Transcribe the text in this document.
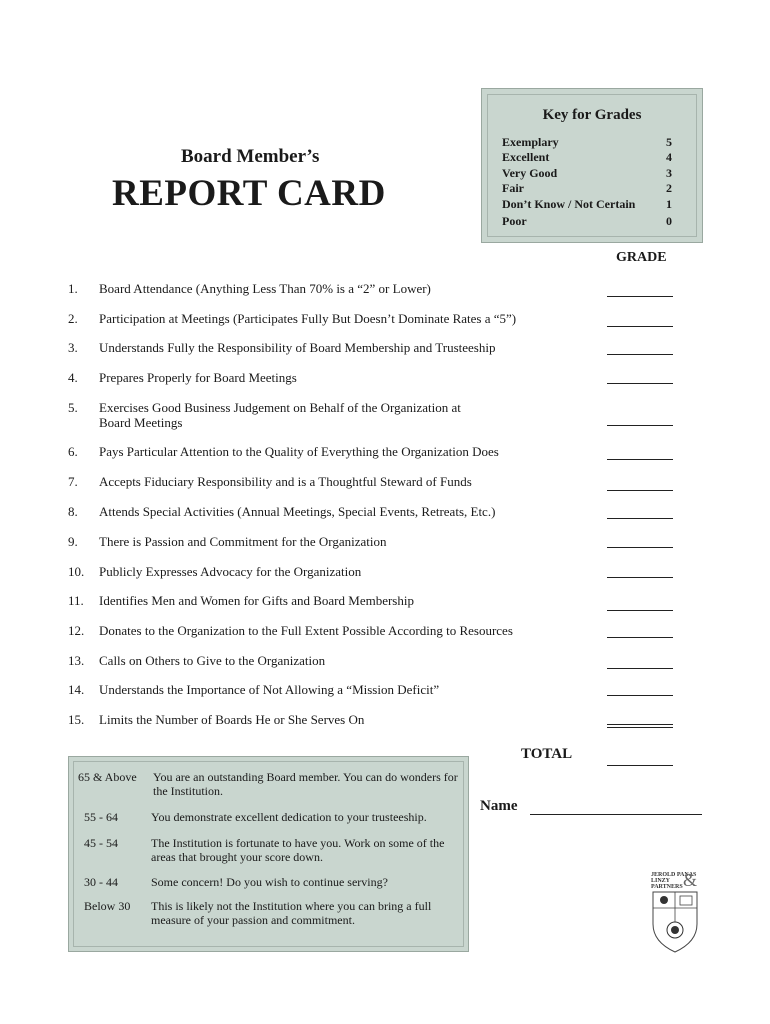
Key for Grades
Exemplary	5
Excellent	4
Very Good	3
Fair	2
Don’t Know / Not Certain	1
Poor	0
Board Member’s
REPORT CARD
GRADE
1.	Board Attendance (Anything Less Than 70% is a “2” or Lower)
2.	Participation at Meetings (Participates Fully But Doesn’t Dominate Rates a “5”)
3.	Understands Fully the Responsibility of Board Membership and Trusteeship
4.	Prepares Properly for Board Meetings
5.	Exercises Good Business Judgement on Behalf of the Organization at Board Meetings
6.	Pays Particular Attention to the Quality of Everything the Organization Does
7.	Accepts Fiduciary Responsibility and is a Thoughtful Steward of Funds
8.	Attends Special Activities (Annual Meetings, Special Events, Retreats, Etc.)
9.	There is Passion and Commitment for the Organization
10.	Publicly Expresses Advocacy for the Organization
11.	Identifies Men and Women for Gifts and Board Membership
12.	Donates to the Organization to the Full Extent Possible According to Resources
13.	Calls on Others to Give to the Organization
14.	Understands the Importance of Not Allowing a “Mission Deficit”
15.	Limits the Number of Boards He or She Serves On
TOTAL
Name
65 & Above You are an outstanding Board member. You can do wonders for the Institution.
55 - 64	You demonstrate excellent dedication to your trusteeship.
45 - 54	The Institution is fortunate to have you. Work on some of the areas that brought your score down.
30 - 44	Some concern! Do you wish to continue serving?
Below 30 This is likely not the Institution where you can bring a full measure of your passion and commitment.
JEROLD PANAS
LINZY
PARTNERS &
